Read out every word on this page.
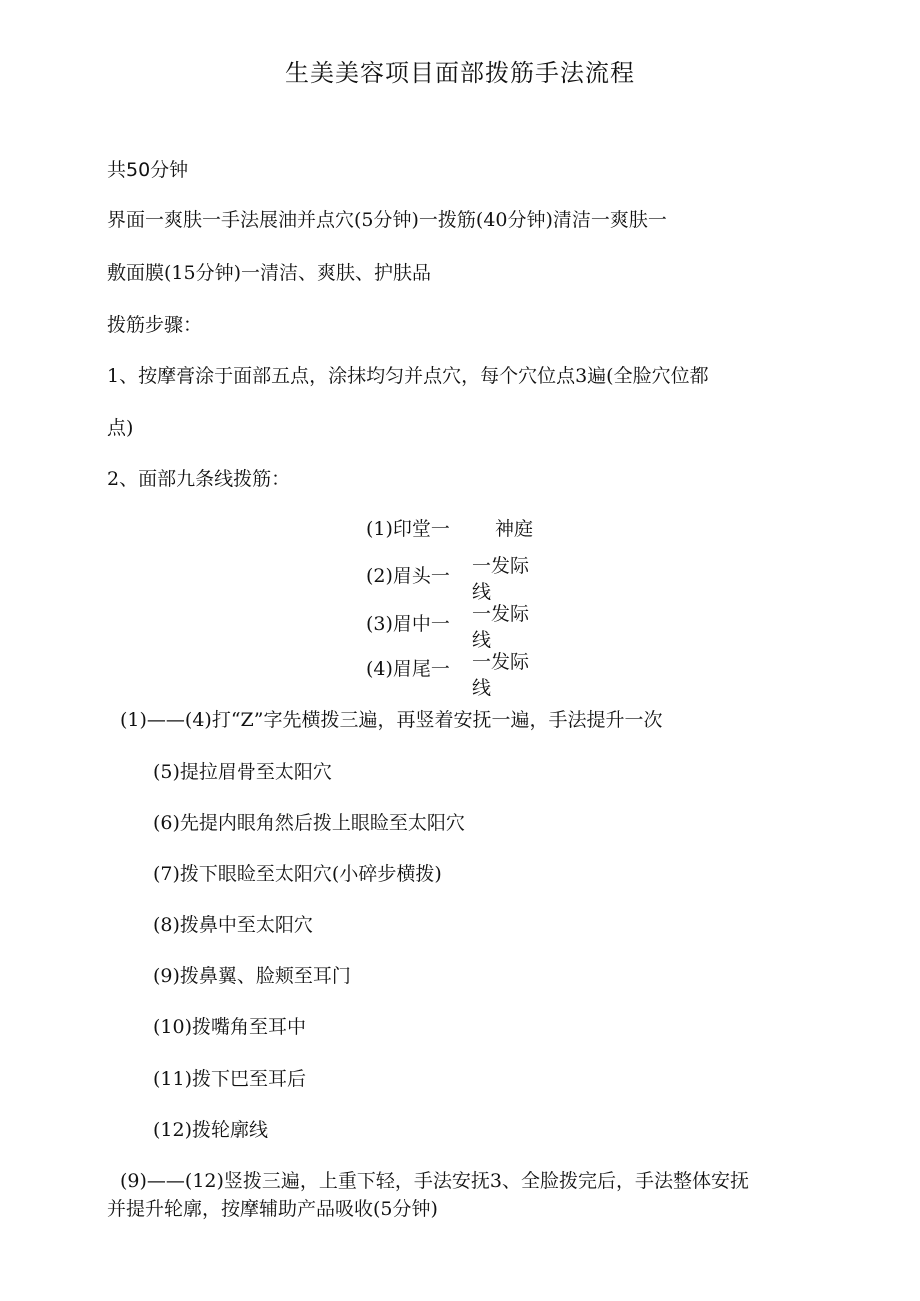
生美美容项目面部拨筋手法流程
共50分钟
界面一爽肤一手法展油并点穴(5分钟)一拨筋(40分钟)清洁一爽肤一
敷面膜(15分钟)一清洁、爽肤、护肤品
拨筋步骤：
1、按摩膏涂于面部五点，涂抹均匀并点穴，每个穴位点3遍(全脸穴位都
点)
2、面部九条线拨筋：
(1)印堂一 神庭
(2)眉头一 一发际线
(3)眉中一 一发际线
(4)眉尾一 一发际线
(1)——(4)打“Z”字先横拨三遍，再竖着安抚一遍，手法提升一次
(5)提拉眉骨至太阳穴
(6)先提内眼角然后拨上眼睑至太阳穴
(7)拨下眼睑至太阳穴(小碎步横拨)
(8)拨鼻中至太阳穴
(9)拨鼻翼、脸颊至耳门
(10)拨嘴角至耳中
(11)拨下巴至耳后
(12)拨轮廓线
(9)——(12)竖拨三遍，上重下轻，手法安抚3、全脸拨完后，手法整体安抚
并提升轮廓，按摩辅助产品吸收(5分钟)
